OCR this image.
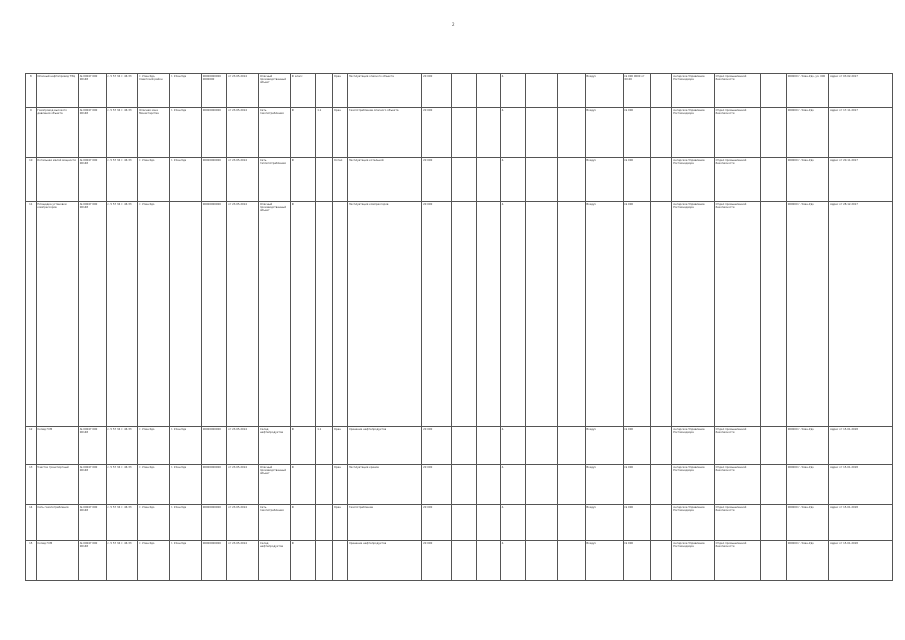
2
8	Опасный нефтепровод ТЭЦ	№ 00047 000 00148	с. 5 57 34 г. 46 33	г. Улан-Удэ, Советский район	г. Улан-Удэ	00000000000 0000000	от 23.05.2014	Опасный производственный объект	III класс		Кран	Эксплуатация опасного объекта	20 000			4.			Воздух	№ 000 0000 от 00.00		Ангарское Управление Ростехнадзора	Отдел промышленной безопасности		000000 г. Улан-Удэ, ул. 000	Адрес от 03.02.2017
9	Газопровод высокого давления объекта	№ 00047 000 00148	с. 5 57 34 г. 46 33	Опасная зона Министерства	г. Улан-Удэ	00000000000	от 23.05.2014	Сеть газопотребления	III	1.1	Кран	Газопотребление опасного объекта	20 000			4.			Воздух	№ 000		Ангарское Управление Ростехнадзора	Отдел промышленной безопасности		000000 г. Улан-Удэ	Адрес от 17.11.2017
10	Котельная малой мощности	№ 00047 000 00148	с. 5 57 34 г. 46 33	г. Улан-Удэ	г. Улан-Удэ	00000000000	от 23.05.2014	Сеть теплопотребления	III		Котел	Эксплуатация котельной	20 000			4.			Воздух	№ 000		Ангарское Управление Ростехнадзора	Отдел промышленной безопасности		000000 г. Улан-Удэ	Адрес от 20.11.2017
11	Площадка установки компрессоров	№ 00047 000 00148	с. 5 57 34 г. 46 33	г. Улан-Удэ		00000000000	от 23.05.2014	Опасный производственный объект	III			Эксплуатация компрессоров	20 000			4.			Воздух	№ 000		Ангарское Управление Ростехнадзора	Отдел промышленной безопасности		000000 г. Улан-Удэ	Адрес от 28.12.2017
12	Склад ГСМ	№ 00047 000 00148	с. 5 57 34 г. 46 33	г. Улан-Удэ	г. Улан-Удэ	00000000000	от 23.05.2014	Склад нефтепродуктов	III	1.1	Кран	Хранение нефтепродуктов	20 000			4.			Воздух	№ 000		Ангарское Управление Ростехнадзора	Отдел промышленной безопасности		000000 г. Улан-Удэ	Адрес от 15.01.2018
13	Участок транспортный	№ 00047 000 00148	с. 5 57 34 г. 46 33	г. Улан-Удэ	г. Улан-Удэ	00000000000	от 23.05.2014	Опасный производственный объект	III		Кран	Эксплуатация кранов	20 000			4.			Воздух	№ 000		Ангарское Управление Ростехнадзора	Отдел промышленной безопасности		000000 г. Улан-Удэ	Адрес от 15.01.2018
14	Сеть газопотребления	№ 00047 000 00148	с. 5 57 34 г. 46 33	г. Улан-Удэ	г. Улан-Удэ	00000000000	от 23.05.2014	Сеть газопотребления	III		Кран	Газопотребление	20 000			4.			Воздух	№ 000		Ангарское Управление Ростехнадзора	Отдел промышленной безопасности		000000 г. Улан-Удэ	Адрес от 15.01.2018
15	Склад ГСМ	№ 00047 000 00148	с. 5 57 34 г. 46 33	г. Улан-Удэ	г. Улан-Удэ	00000000000	от 23.05.2014	Склад нефтепродуктов	III			Хранение нефтепродуктов	20 000			4.			Воздух	№ 000		Ангарское Управление Ростехнадзора	Отдел промышленной безопасности		000000 г. Улан-Удэ	Адрес от 15.01.2018
